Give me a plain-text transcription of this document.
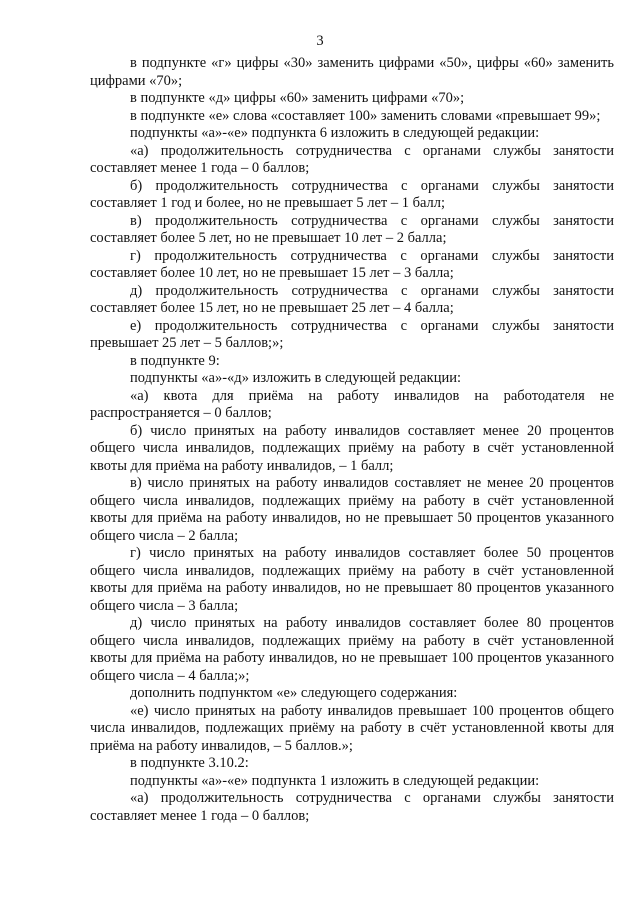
3

в подпункте «г» цифры «30» заменить цифрами «50», цифры «60» заменить цифрами «70»;

в подпункте «д» цифры «60» заменить цифрами «70»;

в подпункте «е» слова «составляет 100» заменить словами «превышает 99»;

подпункты «а»-«е» подпункта 6 изложить в следующей редакции:

«а) продолжительность сотрудничества с органами службы занятости составляет менее 1 года – 0 баллов;

б) продолжительность сотрудничества с органами службы занятости составляет 1 год и более, но не превышает 5 лет – 1 балл;

в) продолжительность сотрудничества с органами службы занятости составляет более 5 лет, но не превышает 10 лет – 2 балла;

г) продолжительность сотрудничества с органами службы занятости составляет более 10 лет, но не превышает 15 лет – 3 балла;

д) продолжительность сотрудничества с органами службы занятости составляет более 15 лет, но не превышает 25 лет – 4 балла;

е) продолжительность сотрудничества с органами службы занятости превышает 25 лет – 5 баллов;»;

в подпункте 9:

подпункты «а»-«д» изложить в следующей редакции:

«а) квота для приёма на работу инвалидов на работодателя не распространяется – 0 баллов;

б) число принятых на работу инвалидов составляет менее 20 процентов общего числа инвалидов, подлежащих приёму на работу в счёт установленной квоты для приёма на работу инвалидов, – 1 балл;

в) число принятых на работу инвалидов составляет не менее 20 процентов общего числа инвалидов, подлежащих приёму на работу в счёт установленной квоты для приёма на работу инвалидов, но не превышает 50 процентов указанного общего числа – 2 балла;

г) число принятых на работу инвалидов составляет более 50 процентов общего числа инвалидов, подлежащих приёму на работу в счёт установленной квоты для приёма на работу инвалидов, но не превышает 80 процентов указанного общего числа – 3 балла;

д) число принятых на работу инвалидов составляет более 80 процентов общего числа инвалидов, подлежащих приёму на работу в счёт установленной квоты для приёма на работу инвалидов, но не превышает 100 процентов указанного общего числа – 4 балла;»;

дополнить подпунктом «е» следующего содержания:

«е) число принятых на работу инвалидов превышает 100 процентов общего числа инвалидов, подлежащих приёму на работу в счёт установленной квоты для приёма на работу инвалидов, – 5 баллов.»;

в подпункте 3.10.2:

подпункты «а»-«е» подпункта 1 изложить в следующей редакции:

«а) продолжительность сотрудничества с органами службы занятости составляет менее 1 года – 0 баллов;
